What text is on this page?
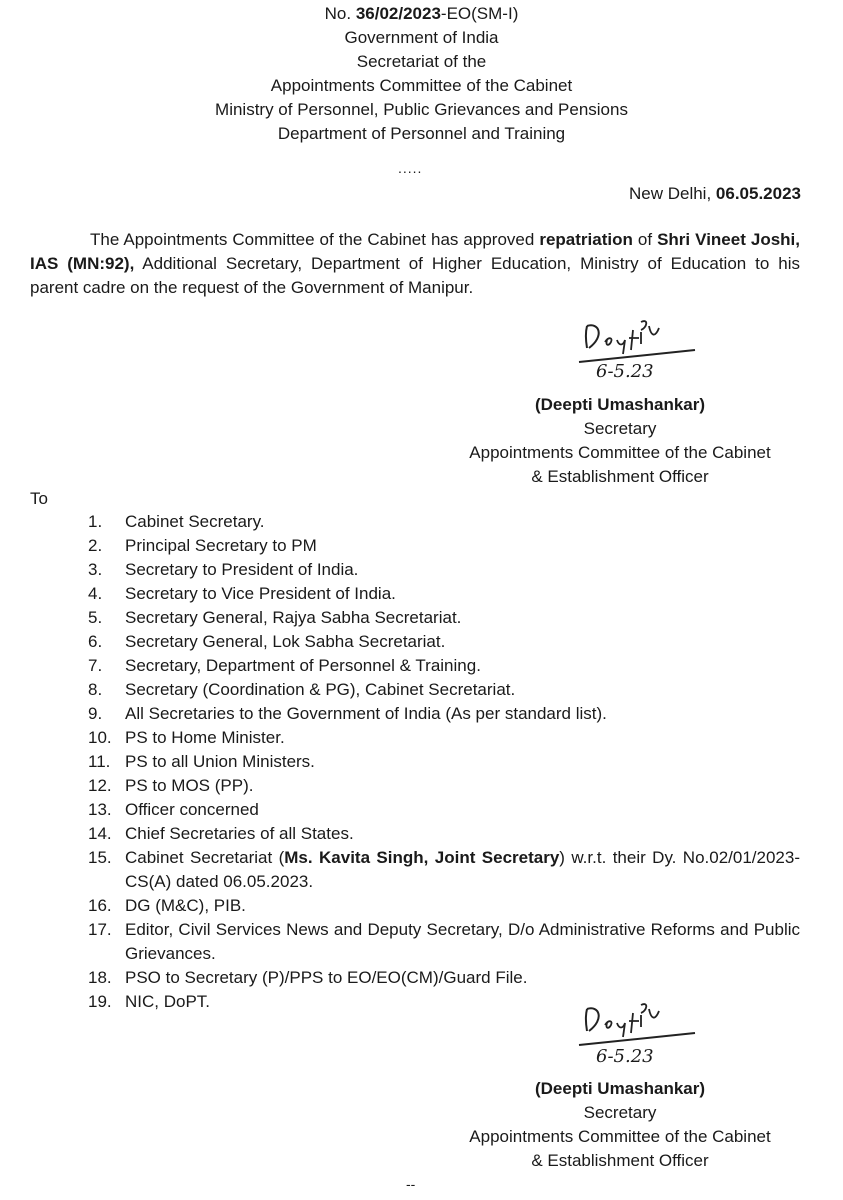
No. 36/02/2023-EO(SM-I)
Government of India
Secretariat of the
Appointments Committee of the Cabinet
Ministry of Personnel, Public Grievances and Pensions
Department of Personnel and Training
.....
New Delhi, 06.05.2023
The Appointments Committee of the Cabinet has approved repatriation of Shri Vineet Joshi, IAS (MN:92), Additional Secretary, Department of Higher Education, Ministry of Education to his parent cadre on the request of the Government of Manipur.
6-5.23
(Deepti Umashankar)
Secretary
Appointments Committee of the Cabinet
& Establishment Officer
To
1. Cabinet Secretary.
2. Principal Secretary to PM
3. Secretary to President of India.
4. Secretary to Vice President of India.
5. Secretary General, Rajya Sabha Secretariat.
6. Secretary General, Lok Sabha Secretariat.
7. Secretary, Department of Personnel & Training.
8. Secretary (Coordination & PG), Cabinet Secretariat.
9. All Secretaries to the Government of India (As per standard list).
10. PS to Home Minister.
11. PS to all Union Ministers.
12. PS to MOS (PP).
13. Officer concerned
14. Chief Secretaries of all States.
15. Cabinet Secretariat (Ms. Kavita Singh, Joint Secretary) w.r.t. their Dy. No.02/01/2023-CS(A) dated 06.05.2023.
16. DG (M&C), PIB.
17. Editor, Civil Services News and Deputy Secretary, D/o Administrative Reforms and Public Grievances.
18. PSO to Secretary (P)/PPS to EO/EO(CM)/Guard File.
19. NIC, DoPT.
6-5.23
(Deepti Umashankar)
Secretary
Appointments Committee of the Cabinet
& Establishment Officer
--
